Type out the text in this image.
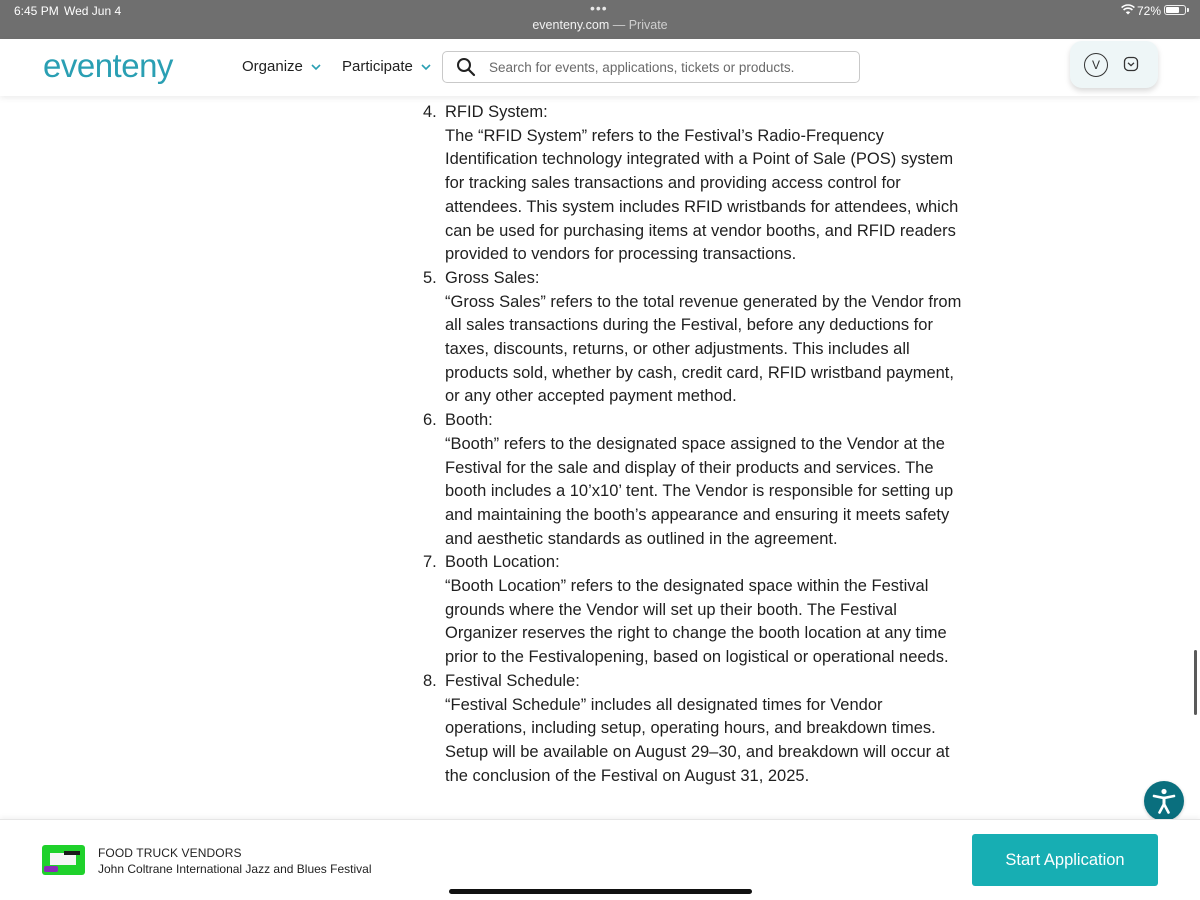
6:45 PM Wed Jun 4	•••
eventeny.com — Private
72%
eventeny	Organize	Participate
Search for events, applications, tickets or products.	V
4. RFID System:
The “RFID System” refers to the Festival’s Radio-Frequency Identification technology integrated with a Point of Sale (POS) system for tracking sales transactions and providing access control for attendees. This system includes RFID wristbands for attendees, which can be used for purchasing items at vendor booths, and RFID readers provided to vendors for processing transactions.
5. Gross Sales:
“Gross Sales” refers to the total revenue generated by the Vendor from all sales transactions during the Festival, before any deductions for taxes, discounts, returns, or other adjustments. This includes all products sold, whether by cash, credit card, RFID wristband payment, or any other accepted payment method.
6. Booth:
“Booth” refers to the designated space assigned to the Vendor at the Festival for the sale and display of their products and services. The booth includes a 10’x10’ tent. The Vendor is responsible for setting up and maintaining the booth’s appearance and ensuring it meets safety and aesthetic standards as outlined in the agreement.
7. Booth Location:
“Booth Location” refers to the designated space within the Festival grounds where the Vendor will set up their booth. The Festival Organizer reserves the right to change the booth location at any time prior to the Festivalopening, based on logistical or operational needs.
8. Festival Schedule:
“Festival Schedule” includes all designated times for Vendor operations, including setup, operating hours, and breakdown times. Setup will be available on August 29–30, and breakdown will occur at the conclusion of the Festival on August 31, 2025.
FOOD TRUCK VENDORS
John Coltrane International Jazz and Blues Festival	Start Application
